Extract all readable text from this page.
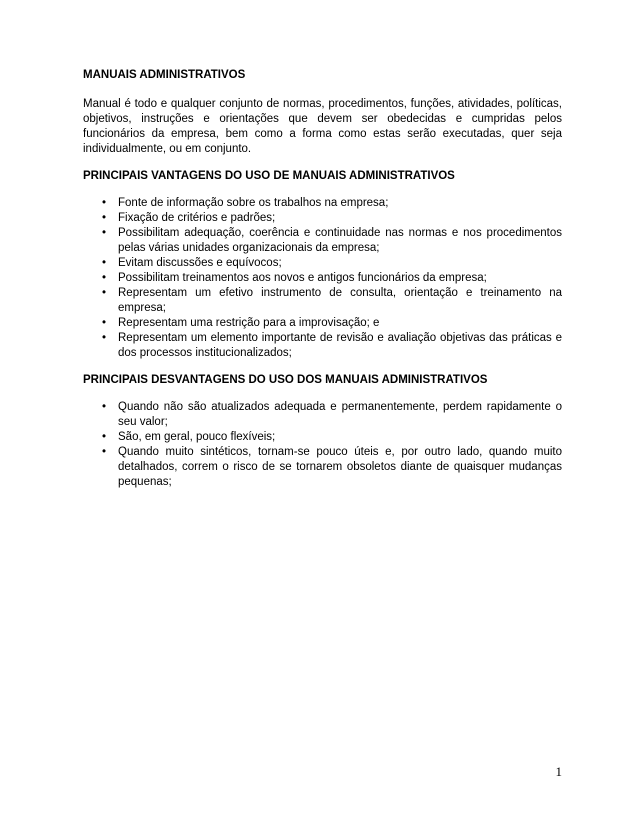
MANUAIS ADMINISTRATIVOS

Manual é todo e qualquer conjunto de normas, procedimentos, funções, atividades, políticas, objetivos, instruções e orientações que devem ser obedecidas e cumpridas pelos funcionários da empresa, bem como a forma como estas serão executadas, quer seja individualmente, ou em conjunto.

PRINCIPAIS VANTAGENS DO USO DE MANUAIS ADMINISTRATIVOS

• Fonte de informação sobre os trabalhos na empresa;
• Fixação de critérios e padrões;
• Possibilitam adequação, coerência e continuidade nas normas e nos procedimentos pelas várias unidades organizacionais da empresa;
• Evitam discussões e equívocos;
• Possibilitam treinamentos aos novos e antigos funcionários da empresa;
• Representam um efetivo instrumento de consulta, orientação e treinamento na empresa;
• Representam uma restrição para a improvisação; e
• Representam um elemento importante de revisão e avaliação objetivas das práticas e dos processos institucionalizados;

PRINCIPAIS DESVANTAGENS DO USO DOS MANUAIS ADMINISTRATIVOS

• Quando não são atualizados adequada e permanentemente, perdem rapidamente o seu valor;
• São, em geral, pouco flexíveis;
• Quando muito sintéticos, tornam-se pouco úteis e, por outro lado, quando muito detalhados, correm o risco de se tornarem obsoletos diante de quaisquer mudanças pequenas;
1
